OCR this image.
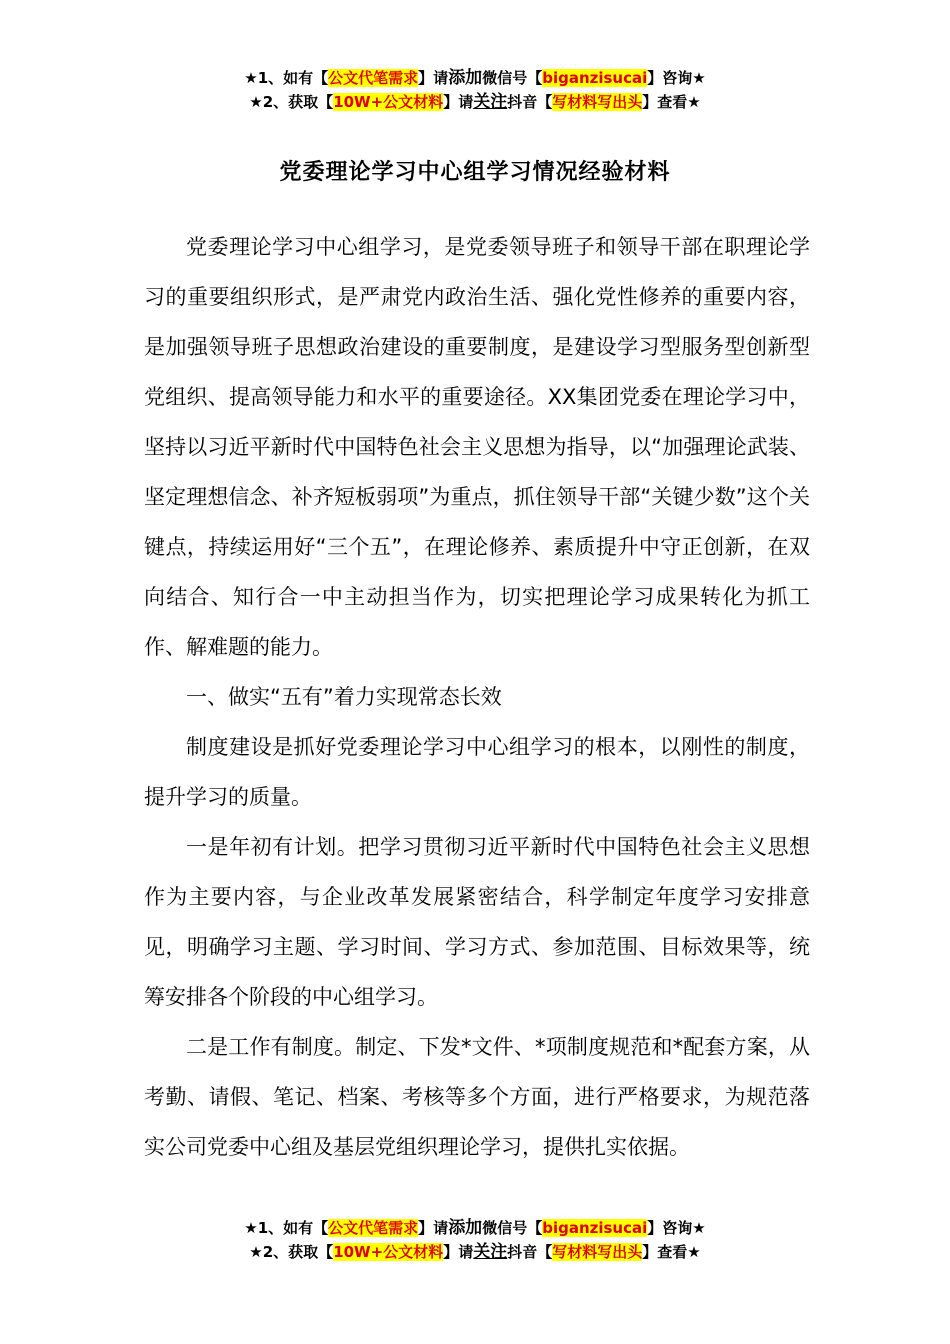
★1、如有【公文代笔需求】请添加微信号【biganzisucai】咨询★
★2、获取【10W+公文材料】请关注抖音【写材料写出头】查看★
党委理论学习中心组学习情况经验材料

党委理论学习中心组学习，是党委领导班子和领导干部在职理论学习的重要组织形式，是严肃党内政治生活、强化党性修养的重要内容，是加强领导班子思想政治建设的重要制度，是建设学习型服务型创新型党组织、提高领导能力和水平的重要途径。XX集团党委在理论学习中，坚持以习近平新时代中国特色社会主义思想为指导，以“加强理论武装、坚定理想信念、补齐短板弱项”为重点，抓住领导干部“关键少数”这个关键点，持续运用好“三个五”，在理论修养、素质提升中守正创新，在双向结合、知行合一中主动担当作为，切实把理论学习成果转化为抓工作、解难题的能力。

一、做实“五有”着力实现常态长效

制度建设是抓好党委理论学习中心组学习的根本，以刚性的制度，提升学习的质量。

一是年初有计划。把学习贯彻习近平新时代中国特色社会主义思想作为主要内容，与企业改革发展紧密结合，科学制定年度学习安排意见，明确学习主题、学习时间、学习方式、参加范围、目标效果等，统筹安排各个阶段的中心组学习。

二是工作有制度。制定、下发*文件、*项制度规范和*配套方案，从考勤、请假、笔记、档案、考核等多个方面，进行严格要求，为规范落实公司党委中心组及基层党组织理论学习，提供扎实依据。

★1、如有【公文代笔需求】请添加微信号【biganzisucai】咨询★
★2、获取【10W+公文材料】请关注抖音【写材料写出头】查看★
